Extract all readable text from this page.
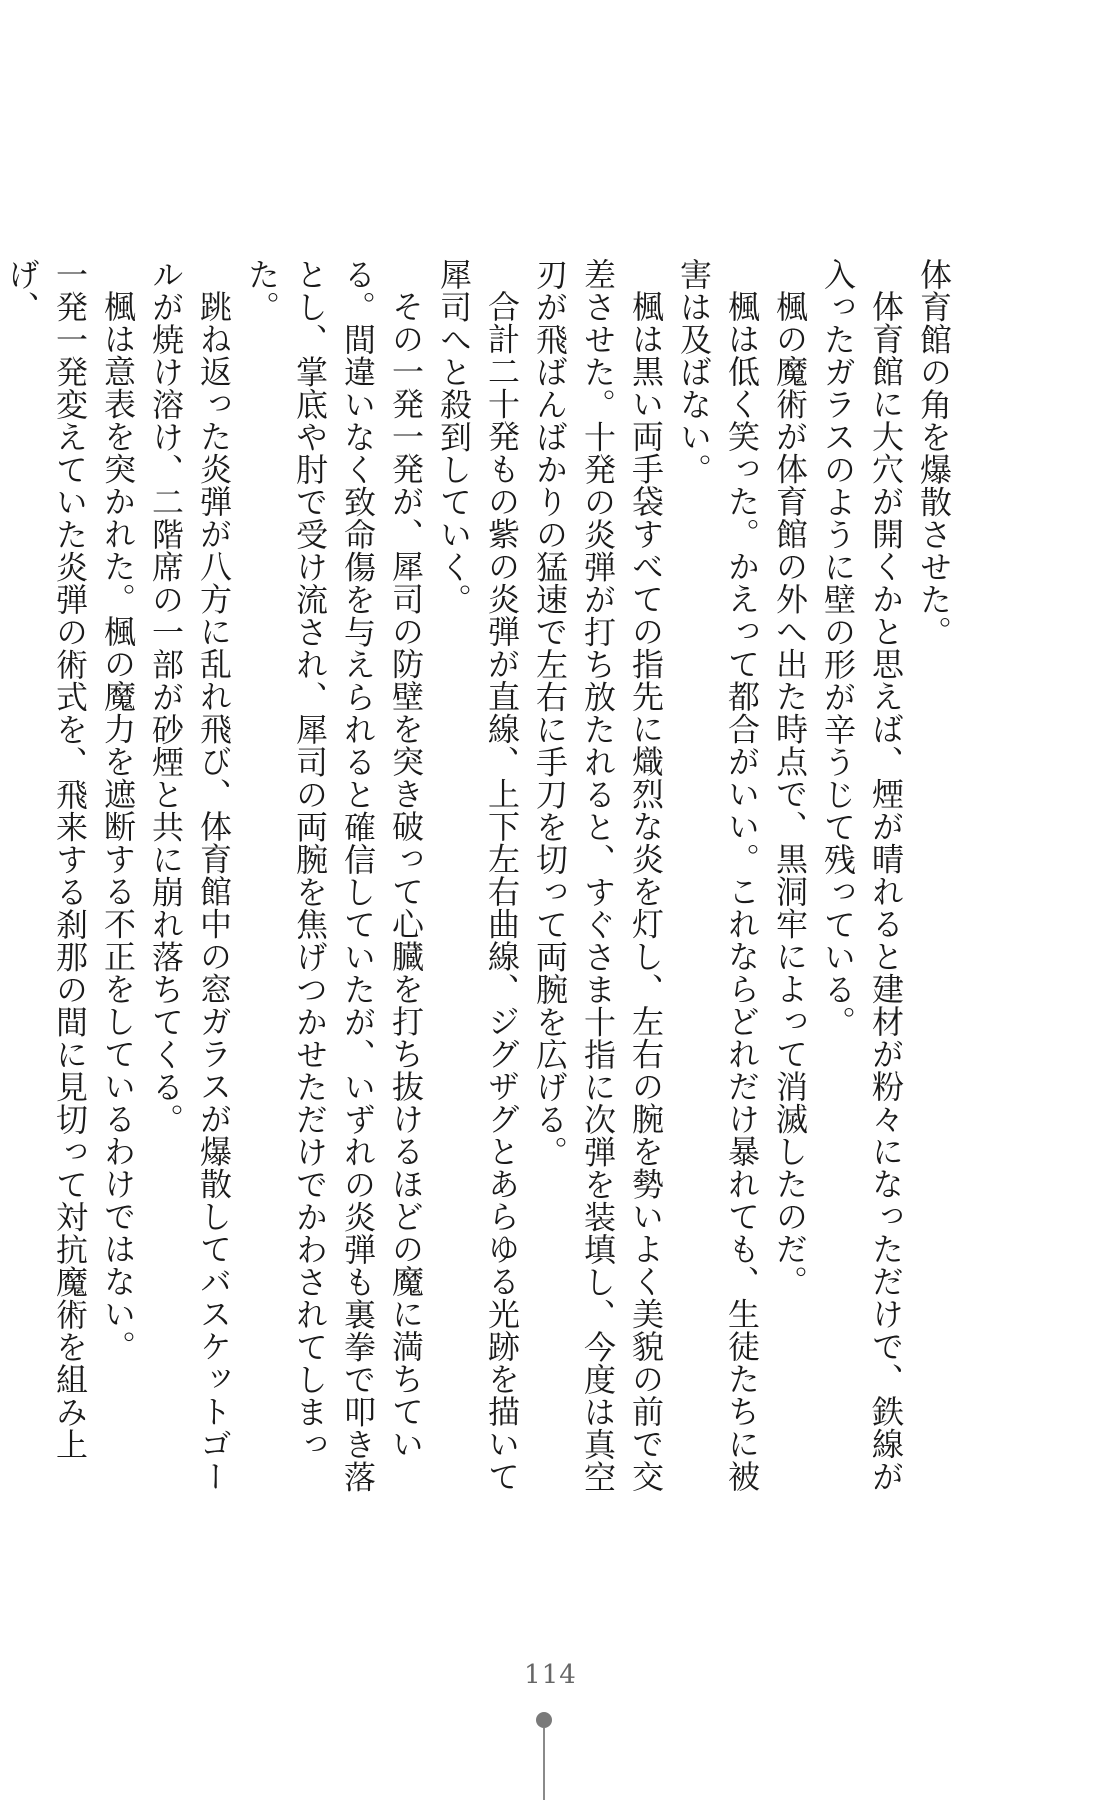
体育館の角を爆散させた。

体育館に大穴が開くかと思えば、煙が晴れると建材が粉々になっただけで、鉄線が入ったガラスのように壁の形が辛うじて残っている。

楓の魔術が体育館の外へ出た時点で、黒洞牢によって消滅したのだ。

楓は低く笑った。かえって都合がいい。これならどれだけ暴れても、生徒たちに被害は及ばない。

楓は黒い両手袋すべての指先に熾烈な炎を灯し、左右の腕を勢いよく美貌の前で交差させた。十発の炎弾が打ち放たれると、すぐさま十指に次弾を装填し、今度は真空刃が飛ばんばかりの猛速で左右に手刀を切って両腕を広げる。

合計二十発もの紫の炎弾が直線、上下左右曲線、ジグザグとあらゆる光跡を描いて犀司へと殺到していく。

その一発一発が、犀司の防壁を突き破って心臓を打ち抜けるほどの魔に満ちている。間違いなく致命傷を与えられると確信していたが、いずれの炎弾も裏拳で叩き落とし、掌底や肘で受け流され、犀司の両腕を焦げつかせただけでかわされてしまった。

跳ね返った炎弾が八方に乱れ飛び、体育館中の窓ガラスが爆散してバスケットゴールが焼け溶け、二階席の一部が砂煙と共に崩れ落ちてくる。

楓は意表を突かれた。楓の魔力を遮断する不正をしているわけではない。

一発一発変えていた炎弾の術式を、飛来する刹那の間に見切って対抗魔術を組み上げ、

114
